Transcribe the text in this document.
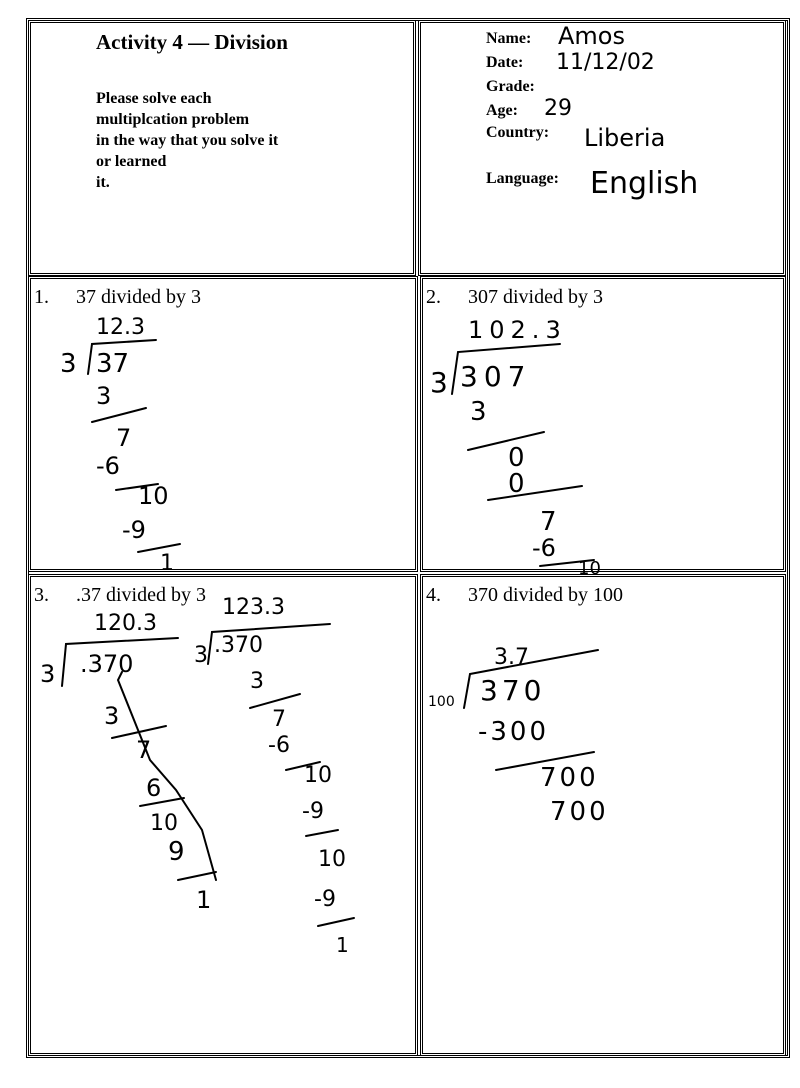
Activity 4 — Division
Please solve each
multiplcation problem
in the way that you solve it
or learned
it.
Name: Amos
Date: 11/12/02
Grade:
Age: 29
Country: Liberia
Language: English
1. 37 divided by 3	2. 307 divided by 3
3. .37 divided by 3	4. 370 divided by 100
12.3
3 37
3
7
-6
10
-9
1
102.3
3 307
3
0
0
7
-6
10
120.3
3 .370
3
7
6
10
9
1
123.3
3 .370
3
7
-6
10
-9
10
-9
1
3.7
100 370
-300
700
700
